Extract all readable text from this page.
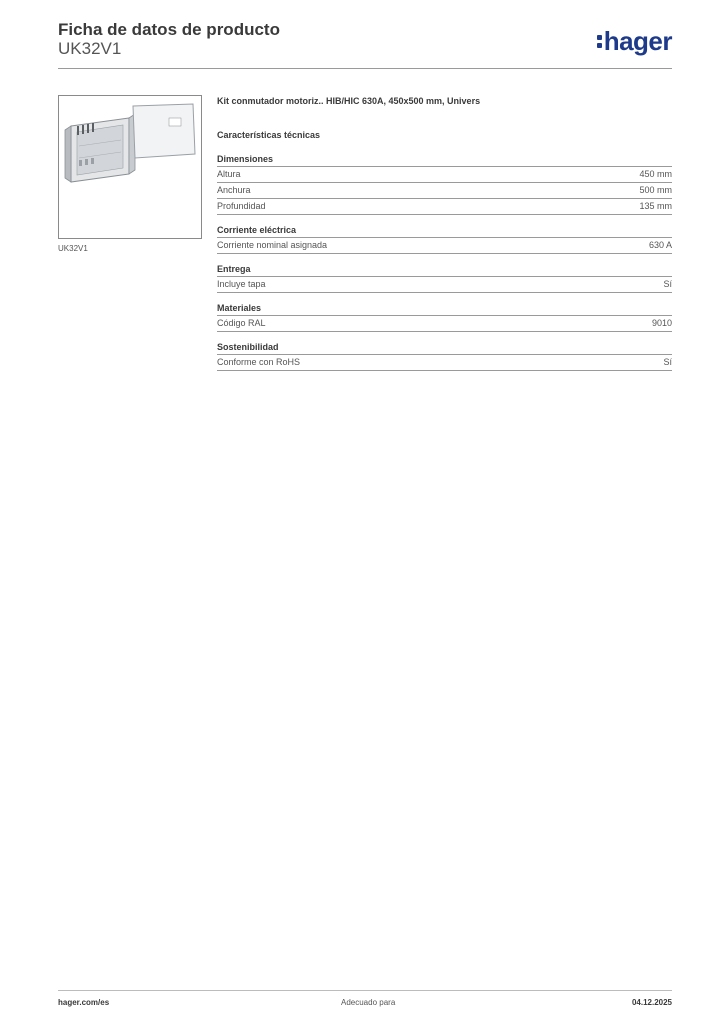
Ficha de datos de producto
UK32V1	hager
UK32V1
Kit conmutador motoriz.. HIB/HIC 630A, 450x500 mm, Univers
Características técnicas
Dimensiones
Altura	450 mm
Anchura	500 mm
Profundidad	135 mm
Corriente eléctrica
Corriente nominal asignada	630 A
Entrega
Incluye tapa	Sí
Materiales
Código RAL	9010
Sostenibilidad
Conforme con RoHS	Sí
hager.com/es	Adecuado para	04.12.2025
